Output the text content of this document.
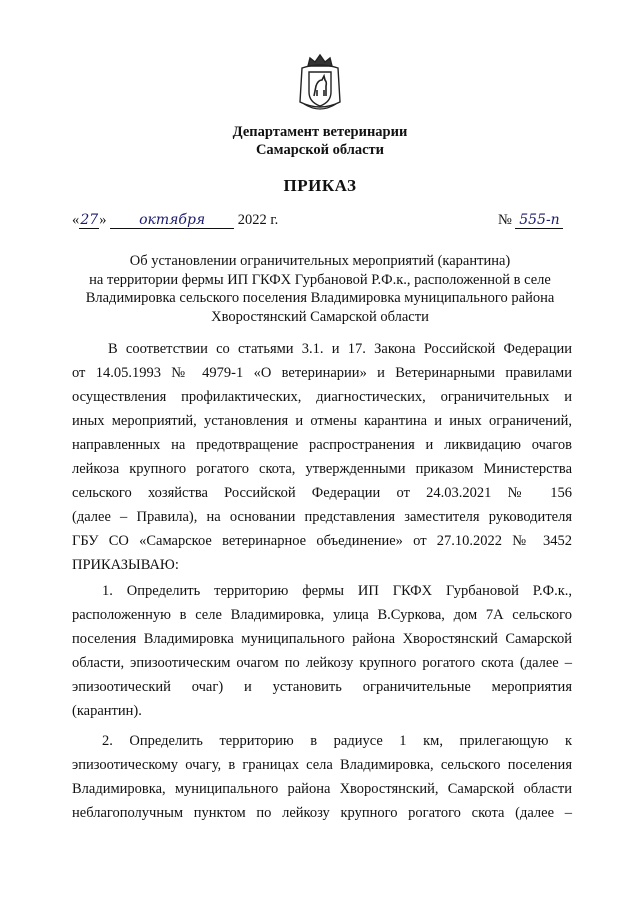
Департамент ветеринарии
Самарской области
ПРИКАЗ
«27» октября 2022 г.	№ 555-п
Об установлении ограничительных мероприятий (карантина)
на территории фермы ИП ГКФХ Гурбановой Р.Ф.к., расположенной в селе
Владимировка сельского поселения Владимировка муниципального района
Хворостянский Самарской области
В соответствии со статьями 3.1. и 17. Закона Российской Федерации
от 14.05.1993 № 4979-1 «О ветеринарии» и Ветеринарными правилами
осуществления профилактических, диагностических, ограничительных и
иных мероприятий, установления и отмены карантина и иных ограничений,
направленных на предотвращение распространения и ликвидацию очагов
лейкоза крупного рогатого скота, утвержденными приказом Министерства
сельского хозяйства Российской Федерации от 24.03.2021 № 156
(далее – Правила), на основании представления заместителя руководителя
ГБУ СО «Самарское ветеринарное объединение» от 27.10.2022 № 3452
ПРИКАЗЫВАЮ:
1. Определить территорию фермы ИП ГКФХ Гурбановой Р.Ф.к.,
расположенную в селе Владимировка, улица В.Суркова, дом 7А сельского
поселения Владимировка муниципального района Хворостянский Самарской
области, эпизоотическим очагом по лейкозу крупного рогатого скота (далее –
эпизоотический очаг) и установить ограничительные мероприятия
(карантин).
2. Определить территорию в радиусе 1 км, прилегающую к
эпизоотическому очагу, в границах села Владимировка, сельского поселения
Владимировка, муниципального района Хворостянский, Самарской области
неблагополучным пунктом по лейкозу крупного рогатого скота (далее –
